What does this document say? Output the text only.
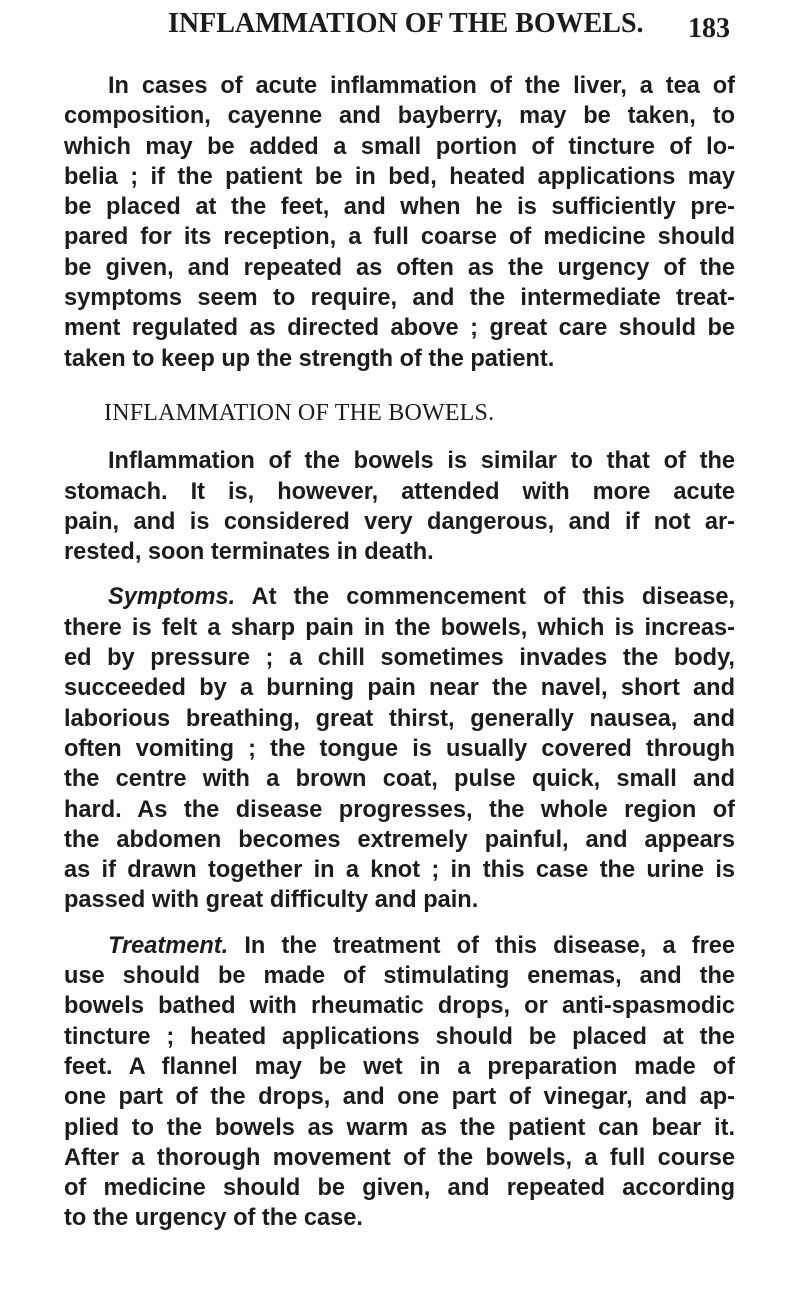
INFLAMMATION OF THE BOWELS. 183
In cases of acute inflammation of the liver, a tea of
composition, cayenne and bayberry, may be taken, to
which may be added a small portion of tincture of lo-
belia ; if the patient be in bed, heated applications may
be placed at the feet, and when he is sufficiently pre-
pared for its reception, a full coarse of medicine should
be given, and repeated as often as the urgency of the
symptoms seem to require, and the intermediate treat-
ment regulated as directed above ; great care should be
taken to keep up the strength of the patient.
INFLAMMATION OF THE BOWELS.
Inflammation of the bowels is similar to that of the
stomach. It is, however, attended with more acute
pain, and is considered very dangerous, and if not ar-
rested, soon terminates in death.
Symptoms. At the commencement of this disease,
there is felt a sharp pain in the bowels, which is increas-
ed by pressure ; a chill sometimes invades the body,
succeeded by a burning pain near the navel, short and
laborious breathing, great thirst, generally nausea, and
often vomiting ; the tongue is usually covered through
the centre with a brown coat, pulse quick, small and
hard. As the disease progresses, the whole region of
the abdomen becomes extremely painful, and appears
as if drawn together in a knot ; in this case the urine is
passed with great difficulty and pain.
Treatment. In the treatment of this disease, a free
use should be made of stimulating enemas, and the
bowels bathed with rheumatic drops, or anti-spasmodic
tincture ; heated applications should be placed at the
feet. A flannel may be wet in a preparation made of
one part of the drops, and one part of vinegar, and ap-
plied to the bowels as warm as the patient can bear it.
After a thorough movement of the bowels, a full course
of medicine should be given, and repeated according
to the urgency of the case.
